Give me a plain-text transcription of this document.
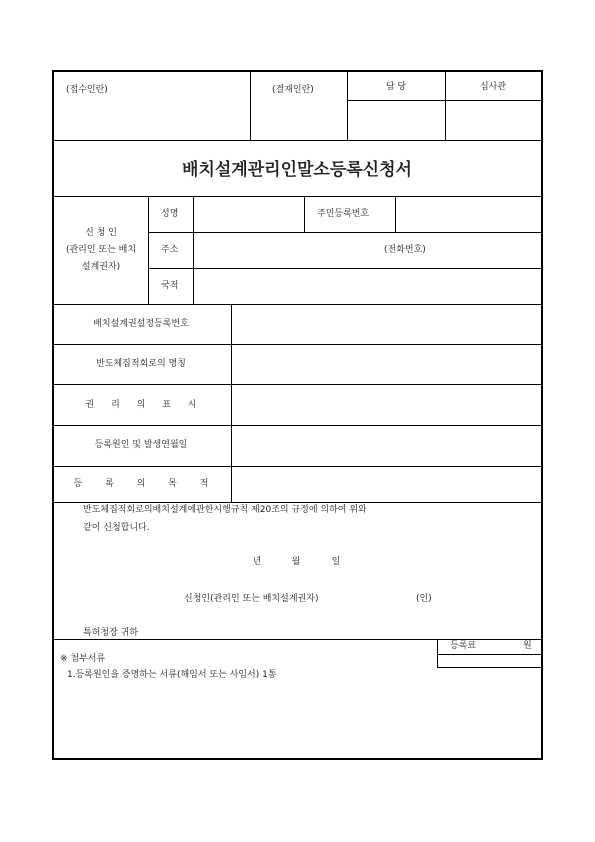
(접수인란)	(결재인란)	담 당	심사관
배치설계관리인말소등록신청서
신 청 인
(관리인 또는 배치
설계권자)
성명	주민등록번호
주소	(전화번호)
국적
배치설계권설정등록번호
반도체집적회로의 명칭
권 리 의 표 시
등록원인 및 발생연월일
등 록 의 목 적
반도체집적회로의배치설계에관한시행규칙 제20조의 규정에 의하여 위와
같이 신청합니다.
년	월	일
신청인(관리인 또는 배치설계권자)	(인)
특허청장 귀하
등록료	원
※ 첨부서류
1.등록원인을 증명하는 서류(해임서 또는 사임서) 1통
